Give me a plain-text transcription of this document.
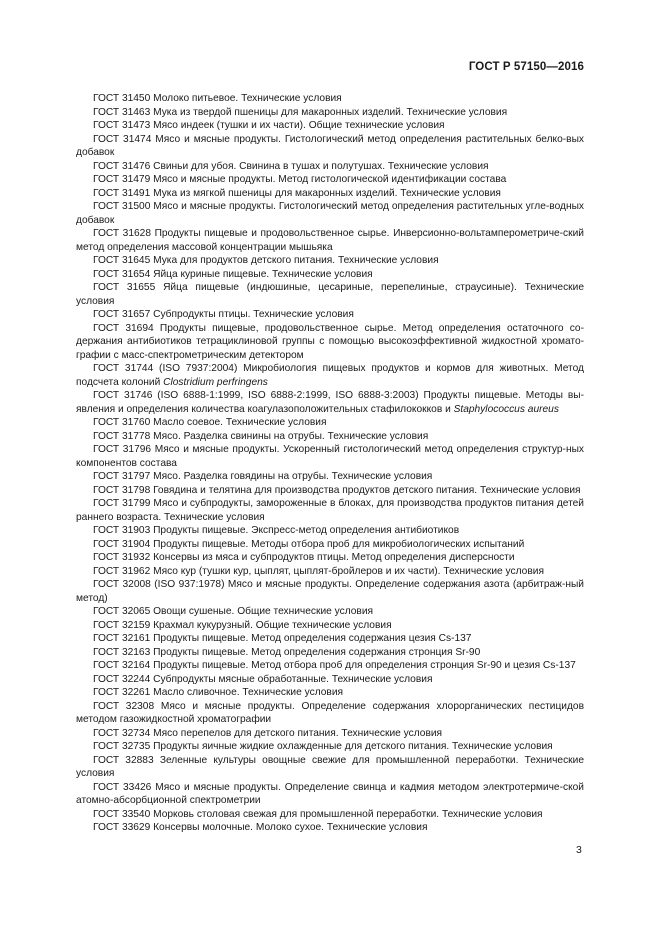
ГОСТ Р 57150—2016

ГОСТ 31450 Молоко питьевое. Технические условия

ГОСТ 31463 Мука из твердой пшеницы для макаронных изделий. Технические условия

ГОСТ 31473 Мясо индеек (тушки и их части). Общие технические условия

ГОСТ 31474 Мясо и мясные продукты. Гистологический метод определения растительных белко-вых добавок

ГОСТ 31476 Свиньи для убоя. Свинина в тушах и полутушах. Технические условия

ГОСТ 31479 Мясо и мясные продукты. Метод гистологической идентификации состава

ГОСТ 31491 Мука из мягкой пшеницы для макаронных изделий. Технические условия

ГОСТ 31500 Мясо и мясные продукты. Гистологический метод определения растительных угле-водных добавок

ГОСТ 31628 Продукты пищевые и продовольственное сырье. Инверсионно-вольтамперометриче-ский метод определения массовой концентрации мышьяка

ГОСТ 31645 Мука для продуктов детского питания. Технические условия

ГОСТ 31654 Яйца куриные пищевые. Технические условия

ГОСТ 31655 Яйца пищевые (индюшиные, цесариные, перепелиные, страусиные). Технические условия

ГОСТ 31657 Субпродукты птицы. Технические условия

ГОСТ 31694 Продукты пищевые, продовольственное сырье. Метод определения остаточного со-держания антибиотиков тетрациклиновой группы с помощью высокоэффективной жидкостной хромато-графии с масс-спектрометрическим детектором

ГОСТ 31744 (ISO 7937:2004) Микробиология пищевых продуктов и кормов для животных. Метод подсчета колоний Clostridium perfringens

ГОСТ 31746 (ISO 6888-1:1999, ISO 6888-2:1999, ISO 6888-3:2003) Продукты пищевые. Методы вы-явления и определения количества коагулазоположительных стафилококков и Staphylococcus aureus

ГОСТ 31760 Масло соевое. Технические условия

ГОСТ 31778 Мясо. Разделка свинины на отрубы. Технические условия

ГОСТ 31796 Мясо и мясные продукты. Ускоренный гистологический метод определения структур-ных компонентов состава

ГОСТ 31797 Мясо. Разделка говядины на отрубы. Технические условия

ГОСТ 31798 Говядина и телятина для производства продуктов детского питания. Технические условия

ГОСТ 31799 Мясо и субпродукты, замороженные в блоках, для производства продуктов питания детей раннего возраста. Технические условия

ГОСТ 31903 Продукты пищевые. Экспресс-метод определения антибиотиков

ГОСТ 31904 Продукты пищевые. Методы отбора проб для микробиологических испытаний

ГОСТ 31932 Консервы из мяса и субпродуктов птицы. Метод определения дисперсности

ГОСТ 31962 Мясо кур (тушки кур, цыплят, цыплят-бройлеров и их части). Технические условия

ГОСТ 32008 (ISO 937:1978) Мясо и мясные продукты. Определение содержания азота (арбитраж-ный метод)

ГОСТ 32065 Овощи сушеные. Общие технические условия

ГОСТ 32159 Крахмал кукурузный. Общие технические условия

ГОСТ 32161 Продукты пищевые. Метод определения содержания цезия Cs-137

ГОСТ 32163 Продукты пищевые. Метод определения содержания стронция Sr-90

ГОСТ 32164 Продукты пищевые. Метод отбора проб для определения стронция Sr-90 и цезия Cs-137

ГОСТ 32244 Субпродукты мясные обработанные. Технические условия

ГОСТ 32261 Масло сливочное. Технические условия

ГОСТ 32308 Мясо и мясные продукты. Определение содержания хлорорганических пестицидов методом газожидкостной хроматографии

ГОСТ 32734 Мясо перепелов для детского питания. Технические условия

ГОСТ 32735 Продукты яичные жидкие охлажденные для детского питания. Технические условия

ГОСТ 32883 Зеленные культуры овощные свежие для промышленной переработки. Технические условия

ГОСТ 33426 Мясо и мясные продукты. Определение свинца и кадмия методом электротермиче-ской атомно-абсорбционной спектрометрии

ГОСТ 33540 Морковь столовая свежая для промышленной переработки. Технические условия

ГОСТ 33629 Консервы молочные. Молоко сухое. Технические условия

3
